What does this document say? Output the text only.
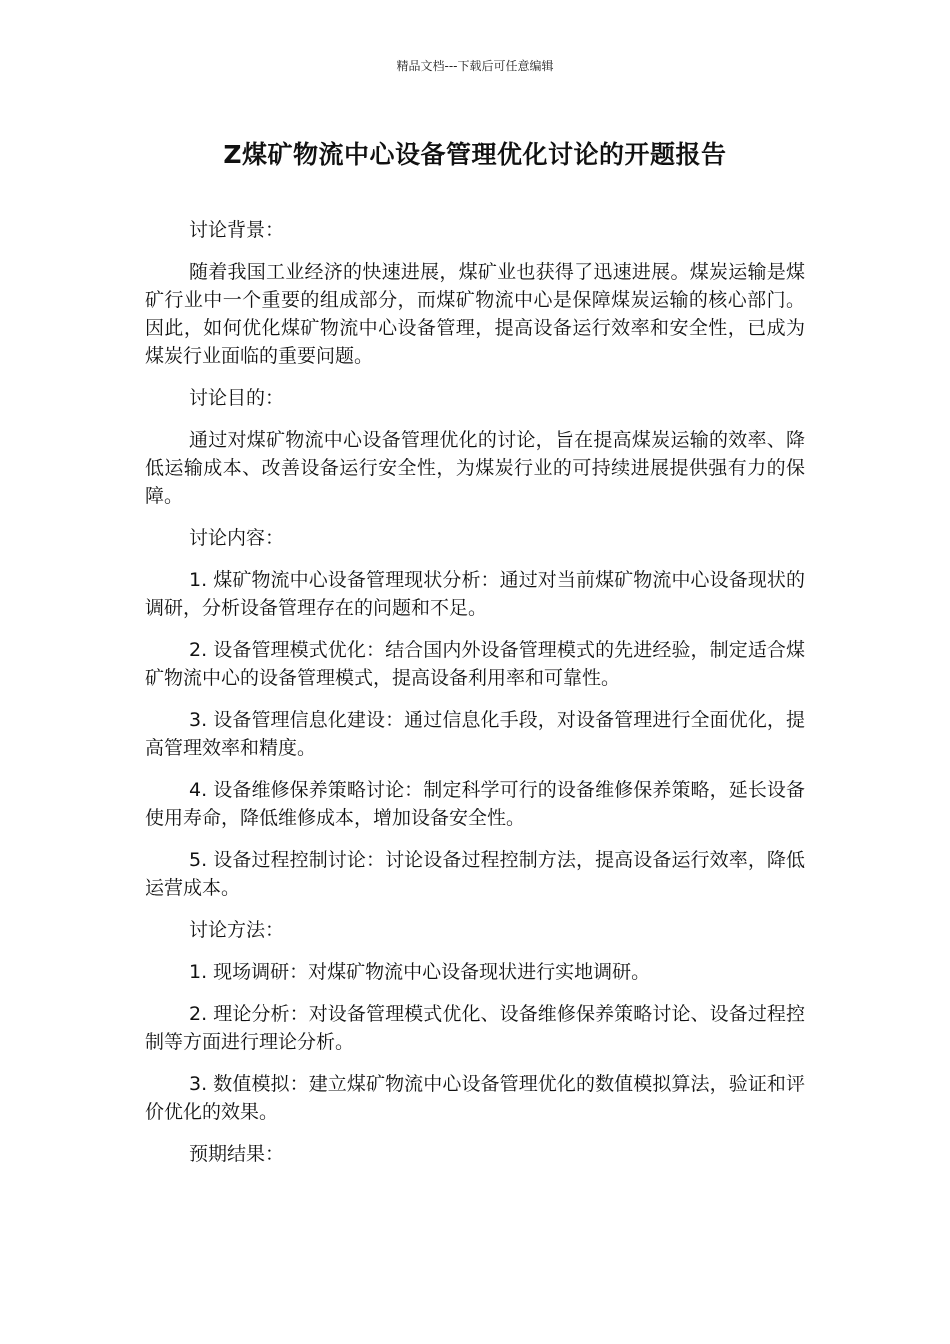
精品文档---下载后可任意编辑
Z煤矿物流中心设备管理优化讨论的开题报告

讨论背景：

随着我国工业经济的快速进展，煤矿业也获得了迅速进展。煤炭运输是煤矿行业中一个重要的组成部分，而煤矿物流中心是保障煤炭运输的核心部门。因此，如何优化煤矿物流中心设备管理，提高设备运行效率和安全性，已成为煤炭行业面临的重要问题。

讨论目的：

通过对煤矿物流中心设备管理优化的讨论，旨在提高煤炭运输的效率、降低运输成本、改善设备运行安全性，为煤炭行业的可持续进展提供强有力的保障。

讨论内容：

1. 煤矿物流中心设备管理现状分析：通过对当前煤矿物流中心设备现状的调研，分析设备管理存在的问题和不足。

2. 设备管理模式优化：结合国内外设备管理模式的先进经验，制定适合煤矿物流中心的设备管理模式，提高设备利用率和可靠性。

3. 设备管理信息化建设：通过信息化手段，对设备管理进行全面优化，提高管理效率和精度。

4. 设备维修保养策略讨论：制定科学可行的设备维修保养策略，延长设备使用寿命，降低维修成本，增加设备安全性。

5. 设备过程控制讨论：讨论设备过程控制方法，提高设备运行效率，降低运营成本。

讨论方法：

1. 现场调研：对煤矿物流中心设备现状进行实地调研。

2. 理论分析：对设备管理模式优化、设备维修保养策略讨论、设备过程控制等方面进行理论分析。

3. 数值模拟：建立煤矿物流中心设备管理优化的数值模拟算法，验证和评价优化的效果。

预期结果：
